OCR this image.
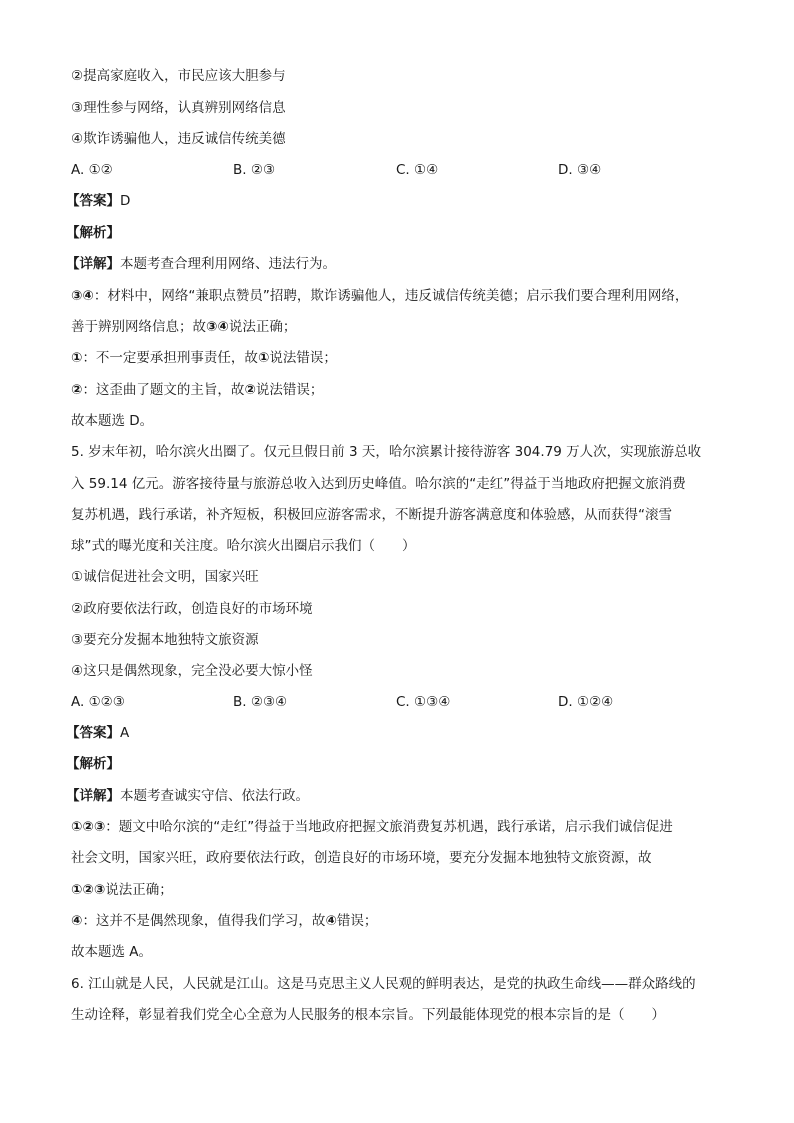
②提高家庭收入，市民应该大胆参与
③理性参与网络，认真辨别网络信息
④欺诈诱骗他人，违反诚信传统美德
A. ①②	B. ②③	C. ①④	D. ③④
【答案】D
【解析】
【详解】本题考查合理利用网络、违法行为。
③④：材料中，网络“兼职点赞员”招聘，欺诈诱骗他人，违反诚信传统美德；启示我们要合理利用网络，
善于辨别网络信息；故③④说法正确；
①：不一定要承担刑事责任，故①说法错误；
②：这歪曲了题文的主旨，故②说法错误；
故本题选 D。
5. 岁末年初，哈尔滨火出圈了。仅元旦假日前 3 天，哈尔滨累计接待游客 304.79 万人次，实现旅游总收
入 59.14 亿元。游客接待量与旅游总收入达到历史峰值。哈尔滨的“走红”得益于当地政府把握文旅消费
复苏机遇，践行承诺，补齐短板，积极回应游客需求，不断提升游客满意度和体验感，从而获得“滚雪
球”式的曝光度和关注度。哈尔滨火出圈启示我们（　　）
①诚信促进社会文明，国家兴旺
②政府要依法行政，创造良好的市场环境
③要充分发掘本地独特文旅资源
④这只是偶然现象，完全没必要大惊小怪
A. ①②③	B. ②③④	C. ①③④	D. ①②④
【答案】A
【解析】
【详解】本题考查诚实守信、依法行政。
①②③：题文中哈尔滨的“走红”得益于当地政府把握文旅消费复苏机遇，践行承诺，启示我们诚信促进
社会文明，国家兴旺，政府要依法行政，创造良好的市场环境，要充分发掘本地独特文旅资源，故
①②③说法正确；
④：这并不是偶然现象，值得我们学习，故④错误；
故本题选 A。
6. 江山就是人民，人民就是江山。这是马克思主义人民观的鲜明表达，是党的执政生命线——群众路线的
生动诠释，彰显着我们党全心全意为人民服务的根本宗旨。下列最能体现党的根本宗旨的是（　　）
